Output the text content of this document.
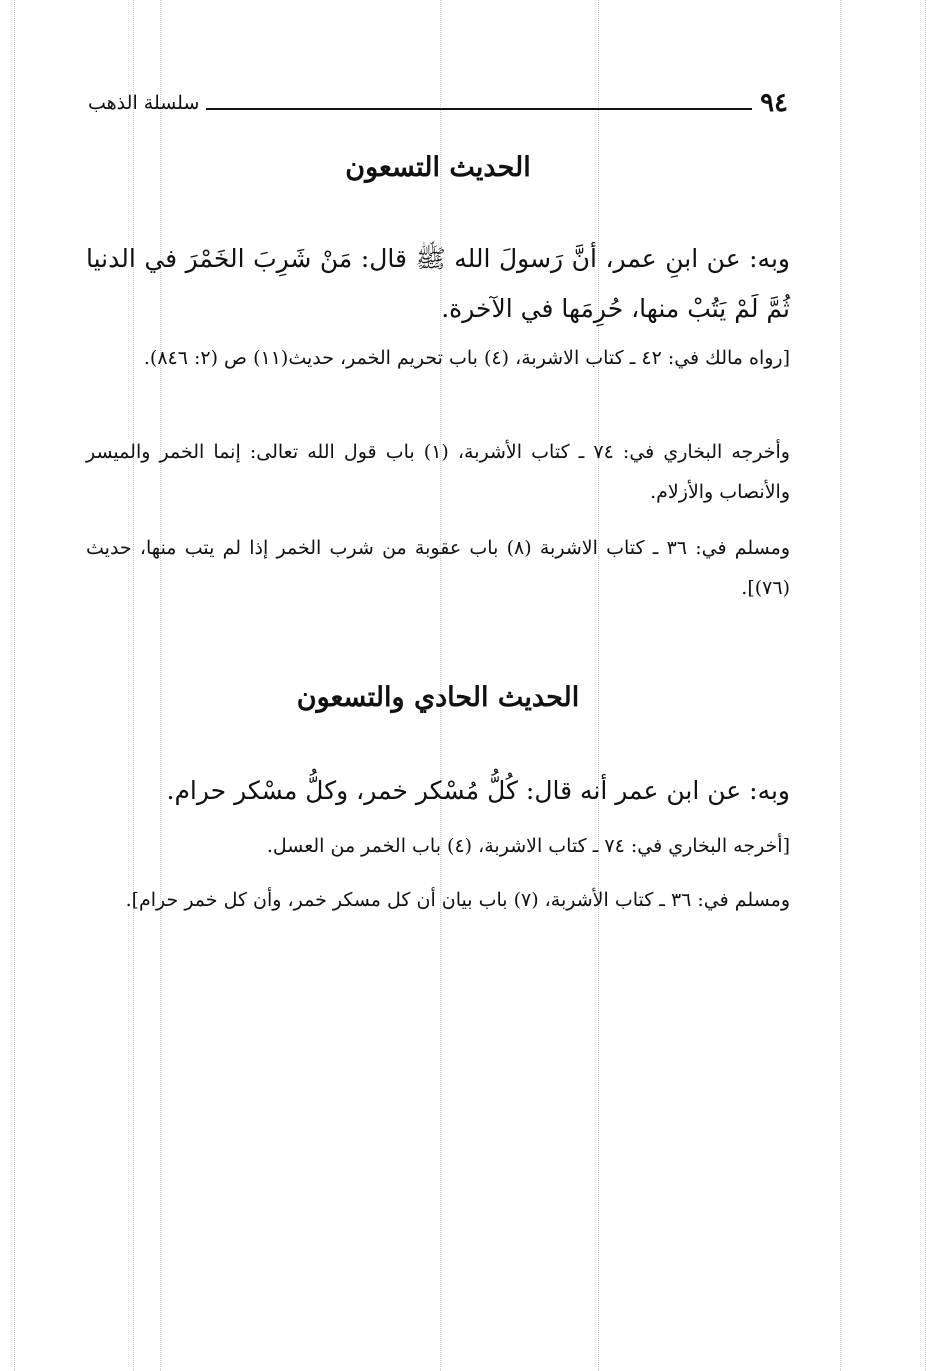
٩٤
سلسلة الذهب
الحديث التسعون
وبه: عن ابنِ عمر، أنَّ رَسولَ الله ﷺ قال: مَنْ شَرِبَ الخَمْرَ في الدنيا ثُمَّ لَمْ يَتُبْ منها، حُرِمَها في الآخرة.
[رواه مالك في: ٤٢ ـ كتاب الاشربة، (٤) باب تحريم الخمر، حديث(١١) ص (٢: ٨٤٦).
وأخرجه البخاري في: ٧٤ ـ كتاب الأشربة، (١) باب قول الله تعالى: إنما الخمر والميسر والأنصاب والأزلام.
ومسلم في: ٣٦ ـ كتاب الاشربة (٨) باب عقوبة من شرب الخمر إذا لم يتب منها، حديث (٧٦)].
الحديث الحادي والتسعون
وبه: عن ابن عمر أنه قال: كُلُّ مُسْكر خمر، وكلُّ مسْكر حرام.
[أخرجه البخاري في: ٧٤ ـ كتاب الاشربة، (٤) باب الخمر من العسل.
ومسلم في: ٣٦ ـ كتاب الأشربة، (٧) باب بيان أن كل مسكر خمر، وأن كل خمر حرام].
